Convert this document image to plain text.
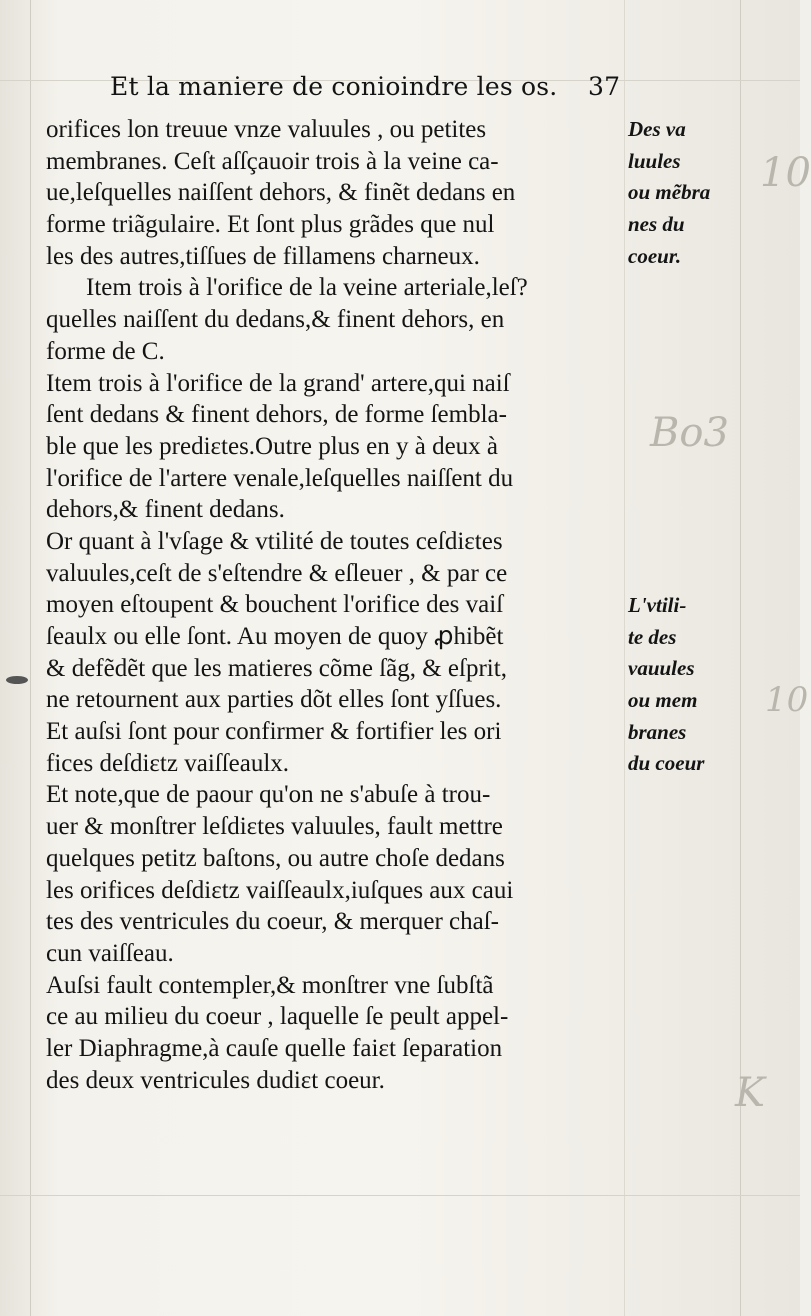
10
Bo3
10
K
Et la maniere de conioindre les os. 37
orifices lon treuue vnze valuules , ou petites
membranes. Ceſt aſſçauoir trois à la veine ca-
ue,leſquelles naiſſent dehors, & finẽt dedans en
forme triãgulaire. Et ſont plus grãdes que nul
les des autres,tiſſues de fillamens charneux.
Item trois à l'orifice de la veine arteriale,leſ?
quelles naiſſent du dedans,& finent dehors, en
forme de C.
Item trois à l'orifice de la grand' artere,qui naiſ
ſent dedans & finent dehors, de forme ſembla-
ble que les prediɛtes.Outre plus en y à deux à
l'orifice de l'artere venale,leſquelles naiſſent du
dehors,& finent dedans.
Or quant à l'vſage & vtilité de toutes ceſdiɛtes
valuules,ceſt de s'eſtendre & eſleuer , & par ce
moyen eſtoupent & bouchent l'orifice des vaiſ
ſeaulx ou elle ſont. Au moyen de quoy ꝓhibẽt
& defẽdẽt que les matieres cõme ſãg, & eſprit,
ne retournent aux parties dõt elles ſont yſſues.
Et auſsi ſont pour confirmer & fortifier les ori
fices deſdiɛtz vaiſſeaulx.
Et note,que de paour qu'on ne s'abuſe à trou-
uer & monſtrer leſdiɛtes valuules, fault mettre
quelques petitz baſtons, ou autre choſe dedans
les orifices deſdiɛtz vaiſſeaulx,iuſques aux caui
tes des ventricules du coeur, & merquer chaſ-
cun vaiſſeau.
Auſsi fault contempler,& monſtrer vne ſubſtã
ce au milieu du coeur , laquelle ſe peult appel-
ler Diaphragme,à cauſe quelle faiɛt ſeparation
des deux ventricules dudiɛt coeur.
Des va
luules
ou mẽbra
nes du
coeur.
L'vtili-
te des
vauules
ou mem
branes
du coeur
